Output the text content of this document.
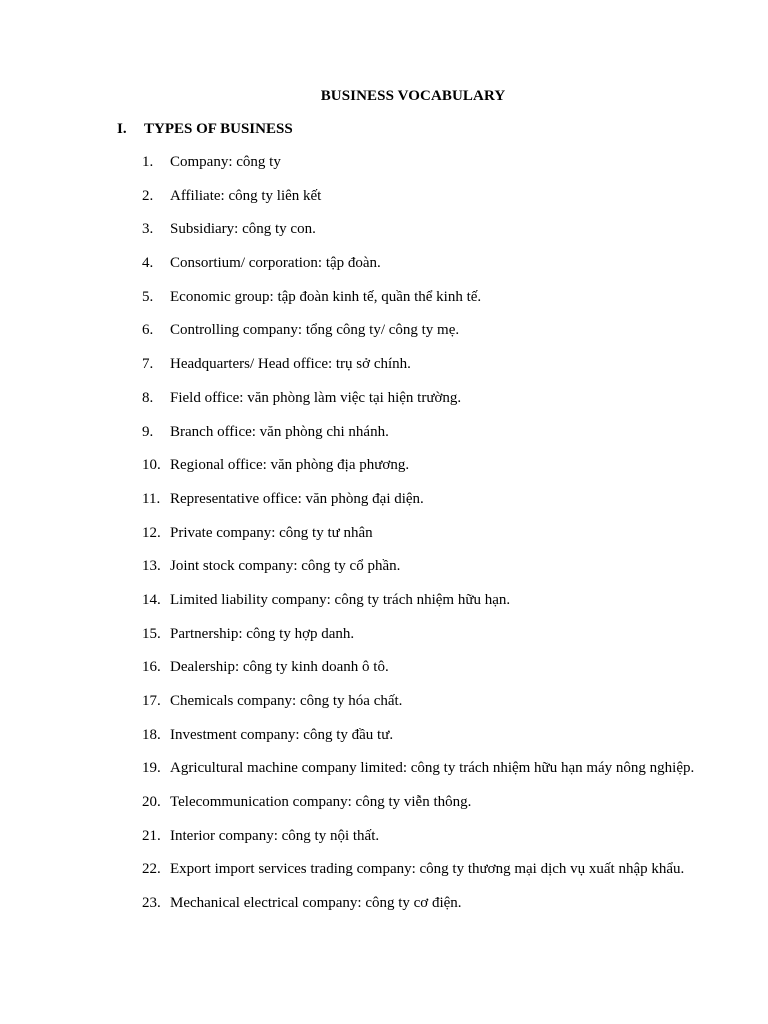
BUSINESS VOCABULARY
I. TYPES OF BUSINESS
1. Company: công ty
2. Affiliate: công ty liên kết
3. Subsidiary: công ty con.
4. Consortium/ corporation: tập đoàn.
5. Economic group: tập đoàn kinh tế, quần thể kinh tế.
6. Controlling company: tổng công ty/ công ty mẹ.
7. Headquarters/ Head office: trụ sở chính.
8. Field office: văn phòng làm việc tại hiện trường.
9. Branch office: văn phòng chi nhánh.
10. Regional office: văn phòng địa phương.
11. Representative office: văn phòng đại diện.
12. Private company: công ty tư nhân
13. Joint stock company: công ty cổ phần.
14. Limited liability company: công ty trách nhiệm hữu hạn.
15. Partnership: công ty hợp danh.
16. Dealership: công ty kinh doanh ô tô.
17. Chemicals company: công ty hóa chất.
18. Investment company: công ty đầu tư.
19. Agricultural machine company limited: công ty trách nhiệm hữu hạn máy nông nghiệp.
20. Telecommunication company: công ty viễn thông.
21. Interior company: công ty nội thất.
22. Export import services trading company: công ty thương mại dịch vụ xuất nhập khẩu.
23. Mechanical electrical company: công ty cơ điện.
